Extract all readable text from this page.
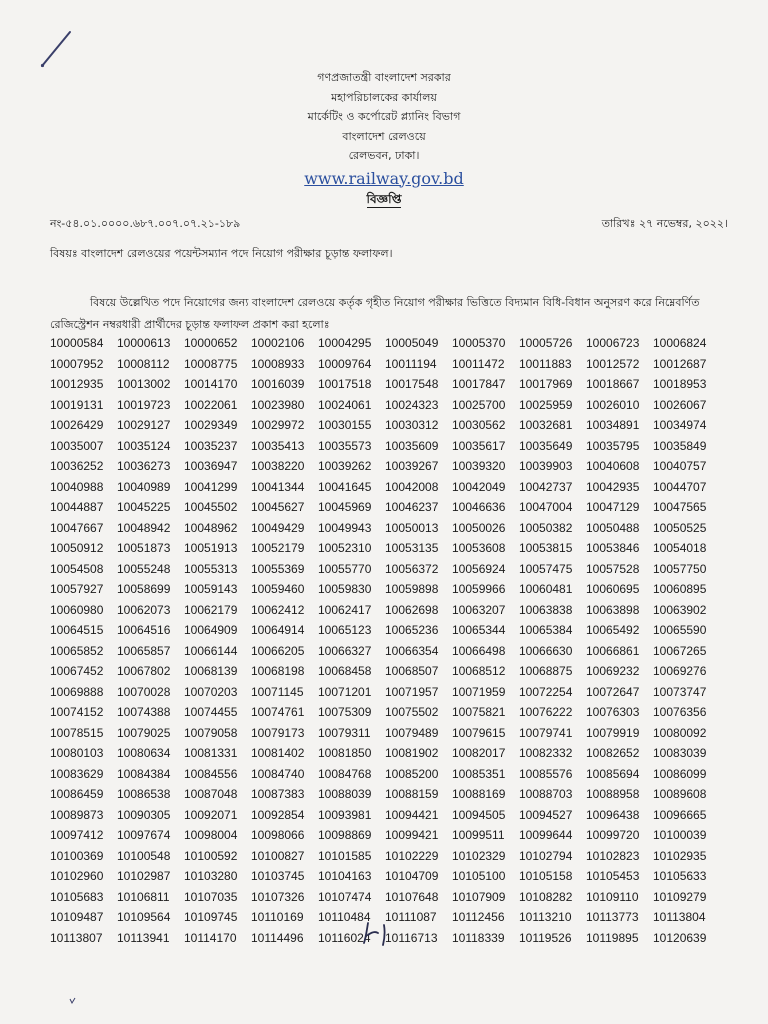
গণপ্রজাতন্ত্রী বাংলাদেশ সরকার
মহাপরিচালকের কার্যালয়
মার্কেটিং ও কর্পোরেট প্ল্যানিং বিভাগ
বাংলাদেশ রেলওয়ে
রেলভবন, ঢাকা।
www.railway.gov.bd
বিজ্ঞপ্তি
নং-৫৪.০১.০০০০.৬৮৭.০০৭.০৭.২১-১৮৯	তারিখঃ ২৭ নভেম্বর, ২০২২।
বিষয়ঃ বাংলাদেশ রেলওয়ের পয়েন্টসম্যান পদে নিয়োগ পরীক্ষার চূড়ান্ত ফলাফল।
বিষয়ে উল্লেখিত পদে নিয়োগের জন্য বাংলাদেশ রেলওয়ে কর্তৃক গৃহীত নিয়োগ পরীক্ষার ভিত্তিতে বিদ্যমান বিধি-বিধান অনুসরণ করে নিম্নেবর্ণিত রেজিস্ট্রেশন নম্বরধারী প্রার্থীদের চূড়ান্ত ফলাফল প্রকাশ করা হলোঃ
10000584	10000613	10000652	10002106	10004295	10005049	10005370	10005726	10006723	10006824
10007952	10008112	10008775	10008933	10009764	10011194	10011472	10011883	10012572	10012687
10012935	10013002	10014170	10016039	10017518	10017548	10017847	10017969	10018667	10018953
10019131	10019723	10022061	10023980	10024061	10024323	10025700	10025959	10026010	10026067
10026429	10029127	10029349	10029972	10030155	10030312	10030562	10032681	10034891	10034974
10035007	10035124	10035237	10035413	10035573	10035609	10035617	10035649	10035795	10035849
10036252	10036273	10036947	10038220	10039262	10039267	10039320	10039903	10040608	10040757
10040988	10040989	10041299	10041344	10041645	10042008	10042049	10042737	10042935	10044707
10044887	10045225	10045502	10045627	10045969	10046237	10046636	10047004	10047129	10047565
10047667	10048942	10048962	10049429	10049943	10050013	10050026	10050382	10050488	10050525
10050912	10051873	10051913	10052179	10052310	10053135	10053608	10053815	10053846	10054018
10054508	10055248	10055313	10055369	10055770	10056372	10056924	10057475	10057528	10057750
10057927	10058699	10059143	10059460	10059830	10059898	10059966	10060481	10060695	10060895
10060980	10062073	10062179	10062412	10062417	10062698	10063207	10063838	10063898	10063902
10064515	10064516	10064909	10064914	10065123	10065236	10065344	10065384	10065492	10065590
10065852	10065857	10066144	10066205	10066327	10066354	10066498	10066630	10066861	10067265
10067452	10067802	10068139	10068198	10068458	10068507	10068512	10068875	10069232	10069276
10069888	10070028	10070203	10071145	10071201	10071957	10071959	10072254	10072647	10073747
10074152	10074388	10074455	10074761	10075309	10075502	10075821	10076222	10076303	10076356
10078515	10079025	10079058	10079173	10079311	10079489	10079615	10079741	10079919	10080092
10080103	10080634	10081331	10081402	10081850	10081902	10082017	10082332	10082652	10083039
10083629	10084384	10084556	10084740	10084768	10085200	10085351	10085576	10085694	10086099
10086459	10086538	10087048	10087383	10088039	10088159	10088169	10088703	10088958	10089608
10089873	10090305	10092071	10092854	10093981	10094421	10094505	10094527	10096438	10096665
10097412	10097674	10098004	10098066	10098869	10099421	10099511	10099644	10099720	10100039
10100369	10100548	10100592	10100827	10101585	10102229	10102329	10102794	10102823	10102935
10102960	10102987	10103280	10103745	10104163	10104709	10105100	10105158	10105453	10105633
10105683	10106811	10107035	10107326	10107474	10107648	10107909	10108282	10109110	10109279
10109487	10109564	10109745	10110169	10110484	10111087	10112456	10113210	10113773	10113804
10113807	10113941	10114170	10114496	10116024	10116713	10118339	10119526	10119895	10120639
